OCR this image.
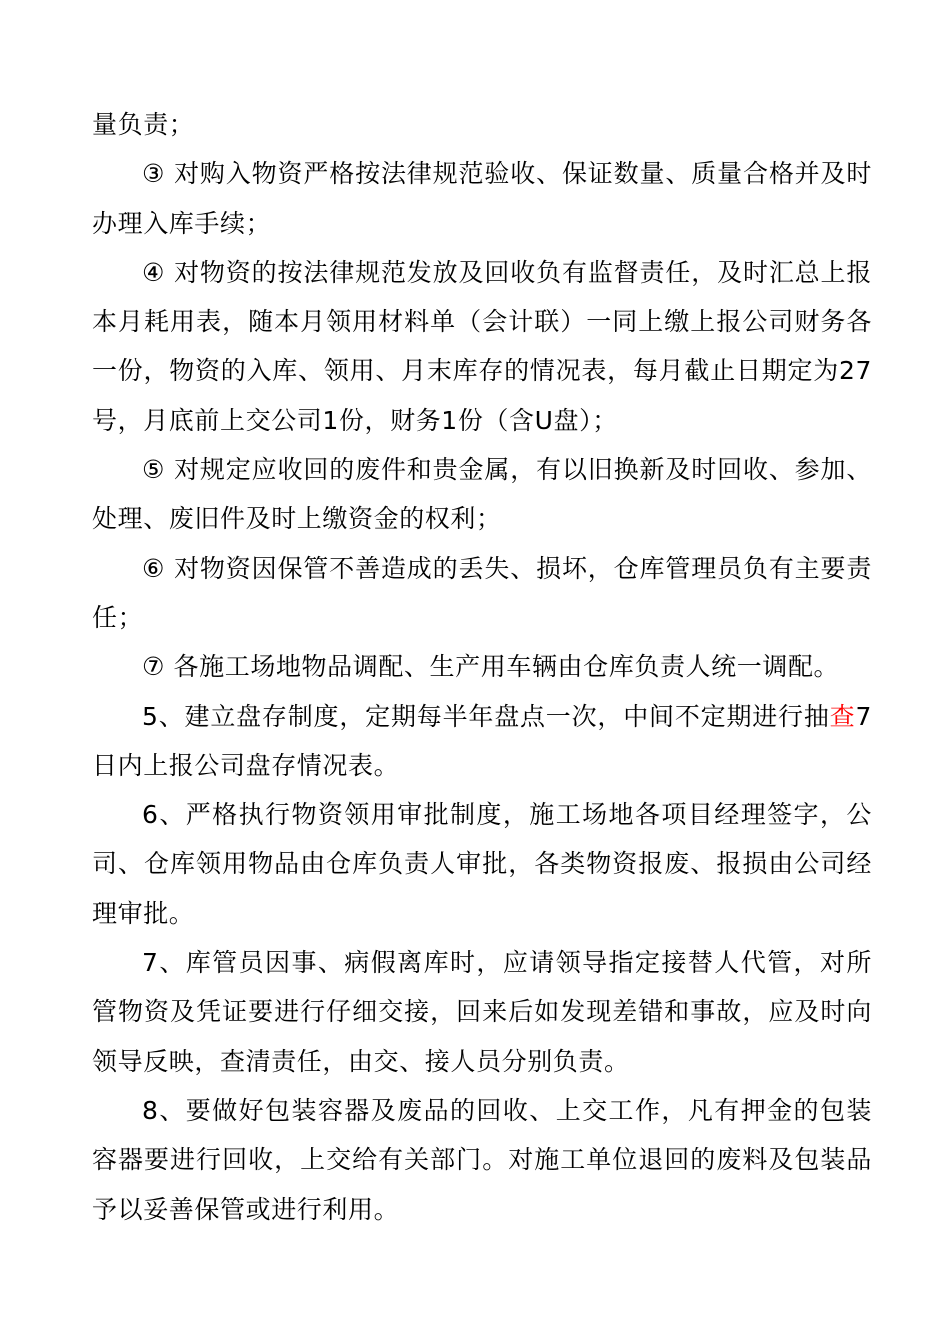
量负责；

③ 对购入物资严格按法律规范验收、保证数量、质量合格并及时办理入库手续；

④ 对物资的按法律规范发放及回收负有监督责任，及时汇总上报本月耗用表，随本月领用材料单（会计联）一同上缴上报公司财务各一份，物资的入库、领用、月末库存的情况表，每月截止日期定为27号，月底前上交公司1份，财务1份（含U盘）；

⑤ 对规定应收回的废件和贵金属，有以旧换新及时回收、参加、处理、废旧件及时上缴资金的权利；

⑥ 对物资因保管不善造成的丢失、损坏，仓库管理员负有主要责任；

⑦ 各施工场地物品调配、生产用车辆由仓库负责人统一调配。

5、建立盘存制度，定期每半年盘点一次，中间不定期进行抽查7日内上报公司盘存情况表。

6、严格执行物资领用审批制度，施工场地各项目经理签字，公司、仓库领用物品由仓库负责人审批，各类物资报废、报损由公司经理审批。

7、库管员因事、病假离库时，应请领导指定接替人代管，对所管物资及凭证要进行仔细交接，回来后如发现差错和事故，应及时向领导反映，查清责任，由交、接人员分别负责。

8、要做好包装容器及废品的回收、上交工作，凡有押金的包装容器要进行回收，上交给有关部门。对施工单位退回的废料及包装品予以妥善保管或进行利用。
